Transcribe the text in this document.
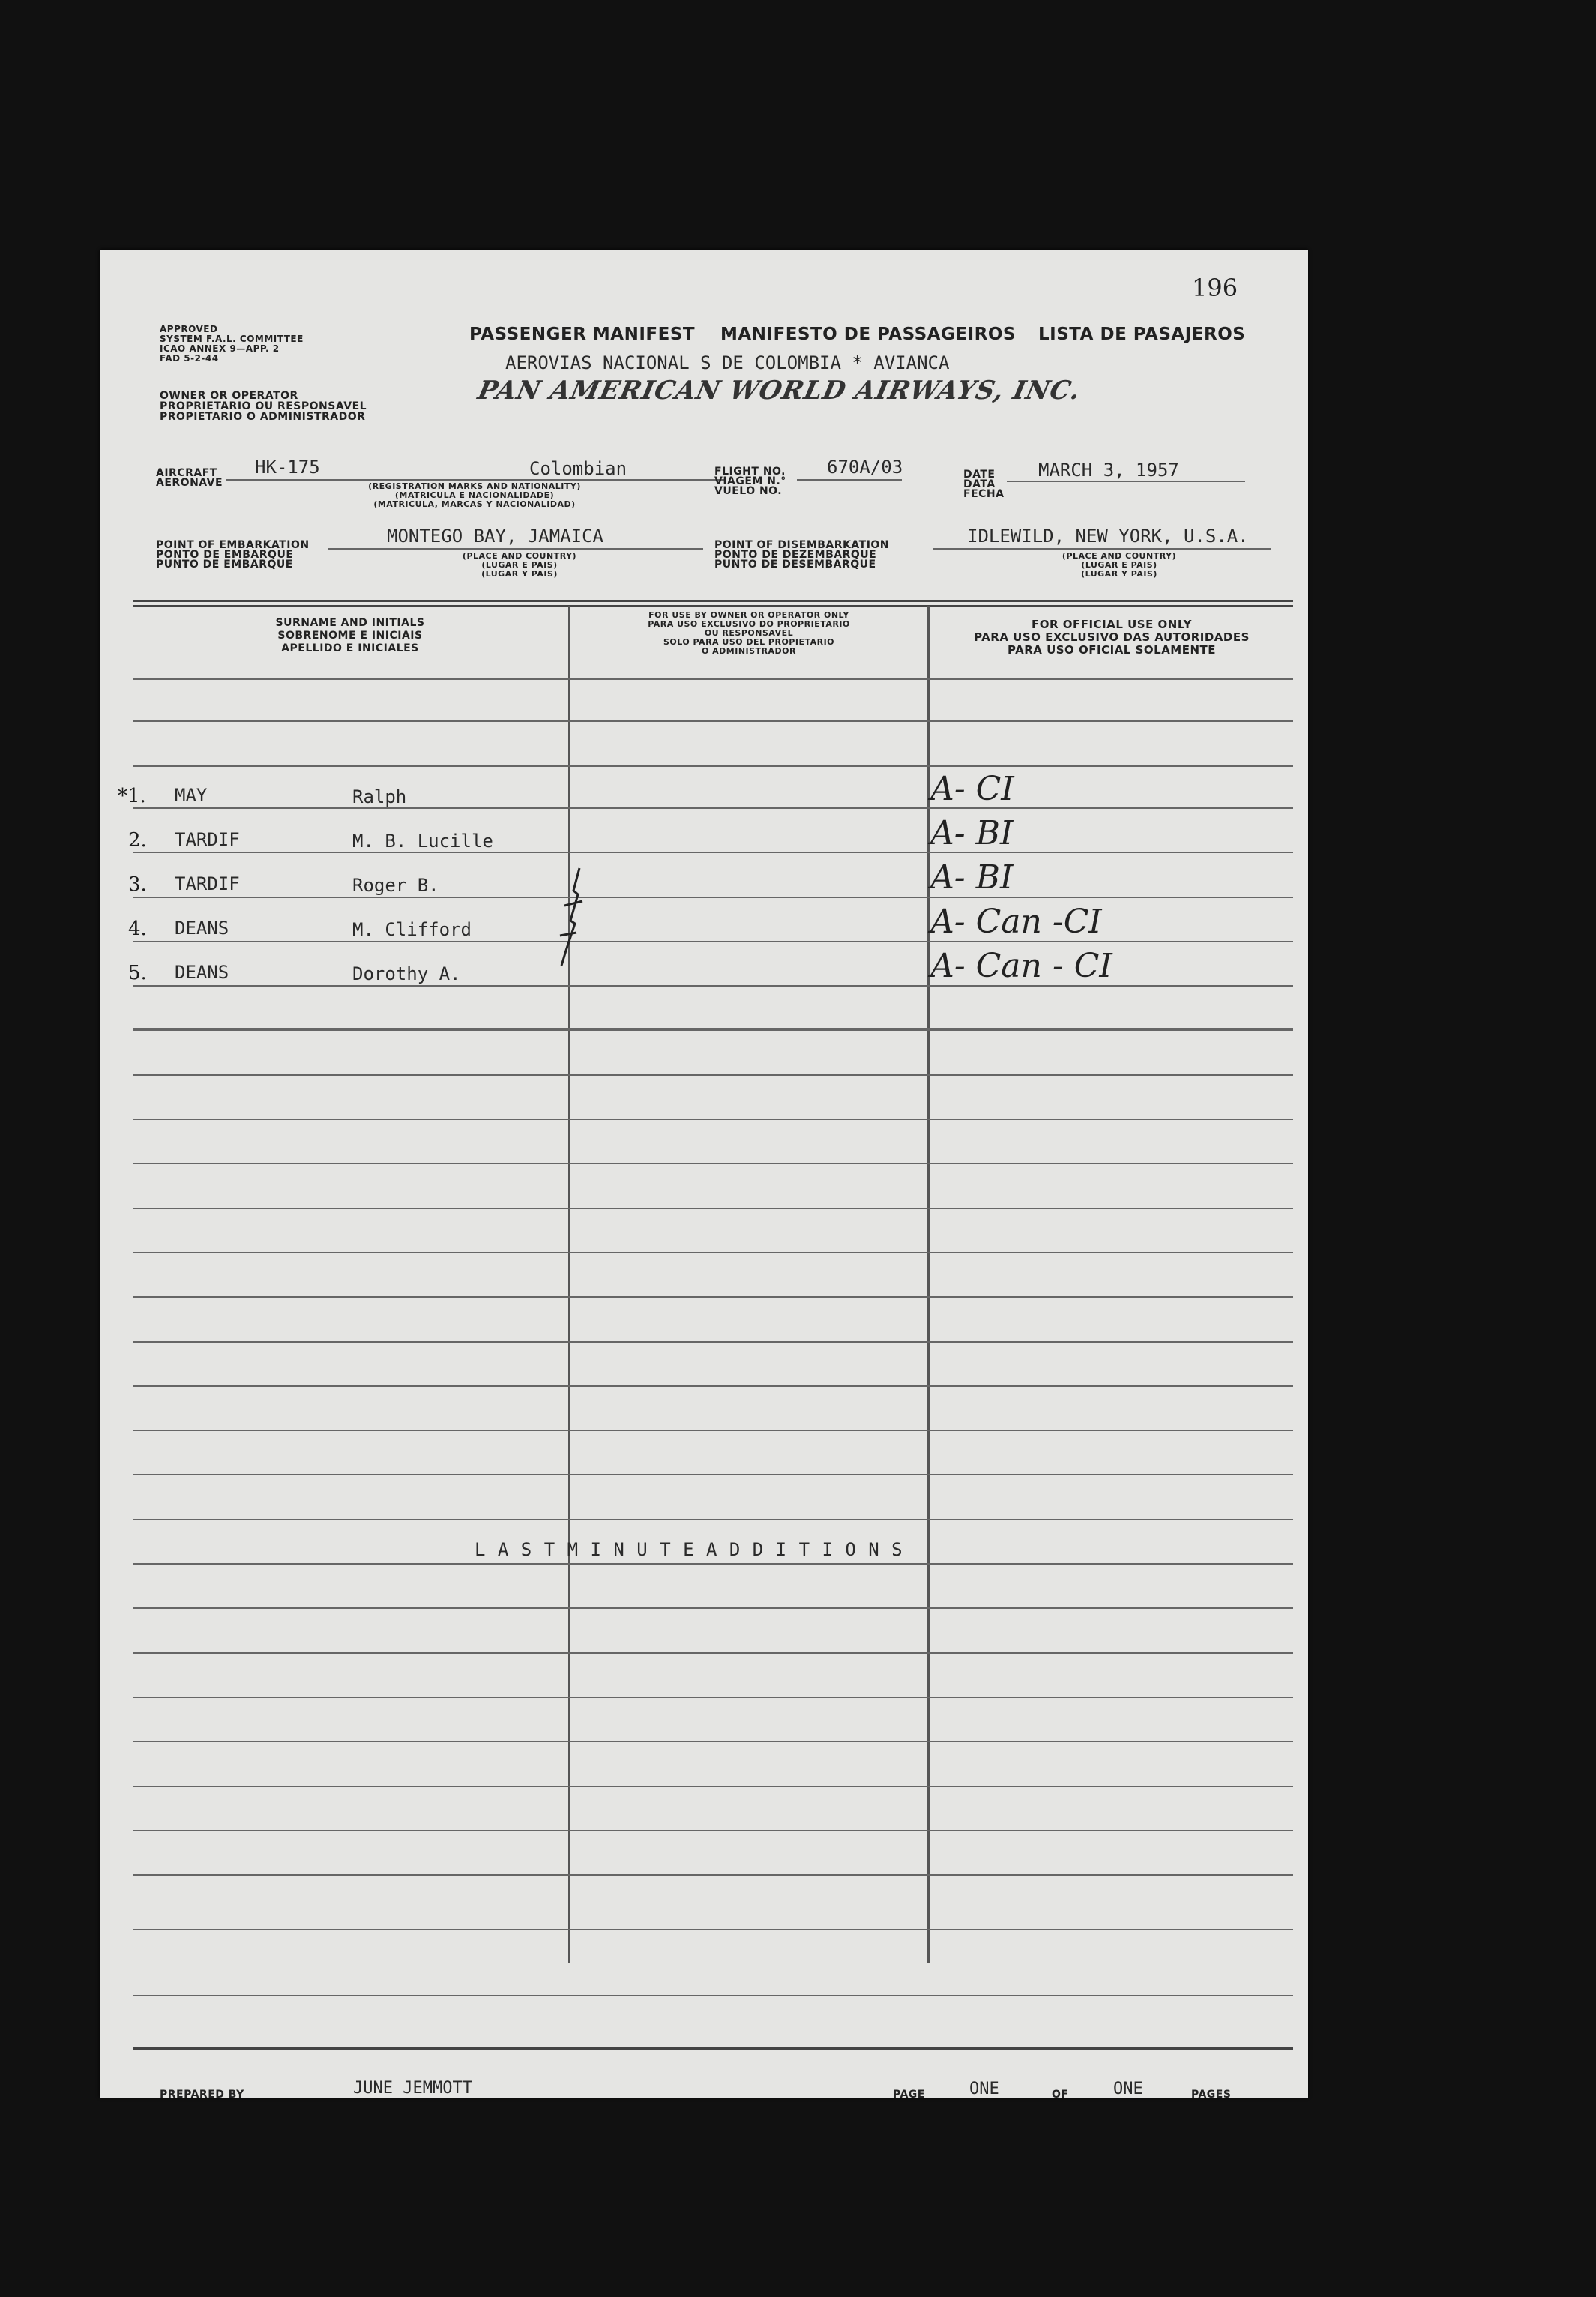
196
APPROVED
SYSTEM F.A.L. COMMITTEE
ICAO ANNEX 9—APP. 2
FAD 5-2-44
OWNER OR OPERATOR
PROPRIETARIO OU RESPONSAVEL
PROPIETARIO O ADMINISTRADOR
PASSENGER MANIFEST MANIFESTO DE PASSAGEIROS LISTA DE PASAJEROS
AEROVIAS NACIONAL S DE COLOMBIA * AVIANCA
PAN AMERICAN WORLD AIRWAYS, INC.
AIRCRAFT
AERONAVE
HK-175	Colombian
(REGISTRATION MARKS AND NATIONALITY)
(MATRICULA E NACIONALIDADE)
(MATRICULA, MARCAS Y NACIONALIDAD)
FLIGHT NO.
VIAGEM N.°
VUELO NO.
670A/03	DATE
DATA
FECHA
MARCH 3, 1957
POINT OF EMBARKATION
PONTO DE EMBARQUE
PUNTO DE EMBARQUE
MONTEGO BAY, JAMAICA
(PLACE AND COUNTRY)
(LUGAR E PAIS)
(LUGAR Y PAIS)
POINT OF DISEMBARKATION
PONTO DE DEZEMBARQUE
PUNTO DE DESEMBARQUE
IDLEWILD, NEW YORK, U.S.A.
(PLACE AND COUNTRY)
(LUGAR E PAIS)
(LUGAR Y PAIS)
SURNAME AND INITIALS
SOBRENOME E INICIAIS
APELLIDO E INICIALES
FOR USE BY OWNER OR OPERATOR ONLY
PARA USO EXCLUSIVO DO PROPRIETARIO
OU RESPONSAVEL
SOLO PARA USO DEL PROPIETARIO
O ADMINISTRADOR
FOR OFFICIAL USE ONLY
PARA USO EXCLUSIVO DAS AUTORIDADES
PARA USO OFICIAL SOLAMENTE
*1. MAY	Ralph	A- CI
2. TARDIF	M. B. Lucille	A- BI
3. TARDIF	Roger B.	A- BI
4. DEANS	M. Clifford	A- Can -CI
5. DEANS	Dorothy A.	A- Can - CI
L A S T M I N U T E A D D I T I O N S
PREPARED BY	JUNE JEMMOTT	PAGE	ONE	OF	ONE	PAGES
